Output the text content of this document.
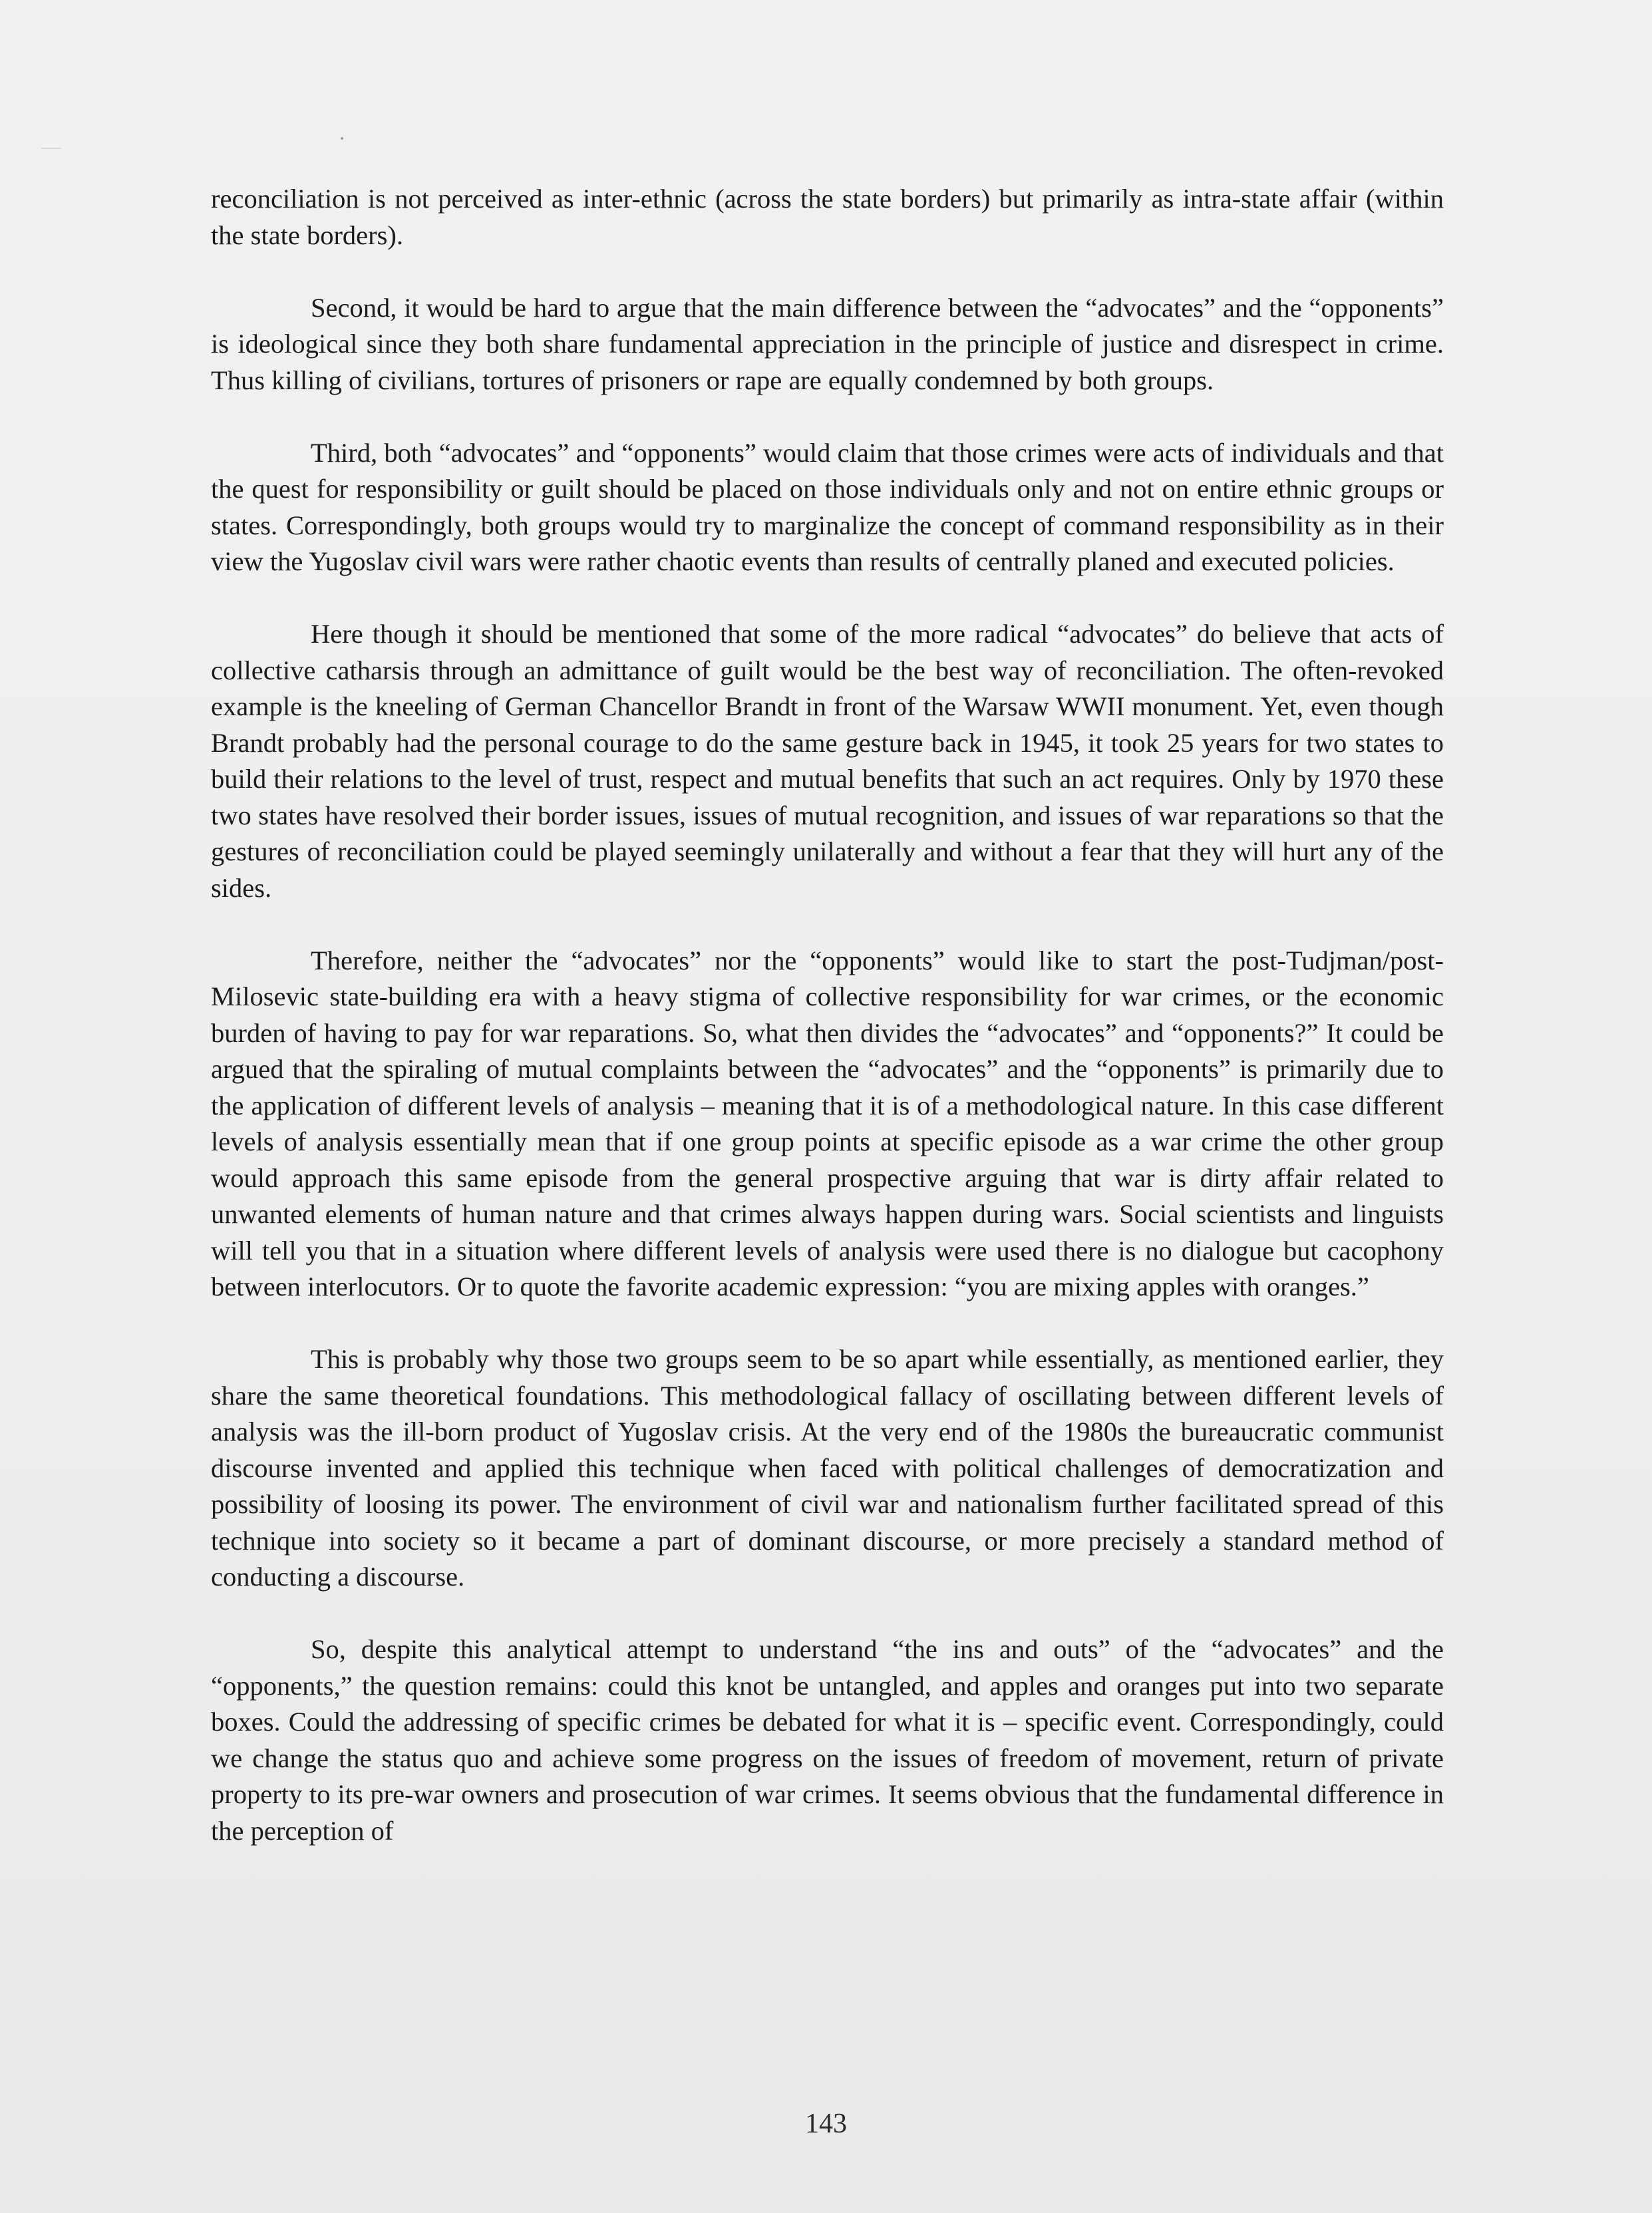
reconciliation is not perceived as inter-ethnic (across the state borders) but primarily as intra-state affair (within the state borders).

Second, it would be hard to argue that the main difference between the “advocates” and the “opponents” is ideological since they both share fundamental appreciation in the principle of justice and disrespect in crime. Thus killing of civilians, tortures of prisoners or rape are equally condemned by both groups.

Third, both “advocates” and “opponents” would claim that those crimes were acts of individuals and that the quest for responsibility or guilt should be placed on those individuals only and not on entire ethnic groups or states. Correspondingly, both groups would try to marginalize the concept of command responsibility as in their view the Yugoslav civil wars were rather chaotic events than results of centrally planed and executed policies.

Here though it should be mentioned that some of the more radical “advocates” do believe that acts of collective catharsis through an admittance of guilt would be the best way of reconciliation. The often-revoked example is the kneeling of German Chancellor Brandt in front of the Warsaw WWII monument. Yet, even though Brandt probably had the personal courage to do the same gesture back in 1945, it took 25 years for two states to build their relations to the level of trust, respect and mutual benefits that such an act requires. Only by 1970 these two states have resolved their border issues, issues of mutual recognition, and issues of war reparations so that the gestures of reconciliation could be played seemingly unilaterally and without a fear that they will hurt any of the sides.

Therefore, neither the “advocates” nor the “opponents” would like to start the post-Tudjman/post-Milosevic state-building era with a heavy stigma of collective responsibility for war crimes, or the economic burden of having to pay for war reparations. So, what then divides the “advocates” and “opponents?” It could be argued that the spiraling of mutual complaints between the “advocates” and the “opponents” is primarily due to the application of different levels of analysis – meaning that it is of a methodological nature. In this case different levels of analysis essentially mean that if one group points at specific episode as a war crime the other group would approach this same episode from the general prospective arguing that war is dirty affair related to unwanted elements of human nature and that crimes always happen during wars. Social scientists and linguists will tell you that in a situation where different levels of analysis were used there is no dialogue but cacophony between interlocutors. Or to quote the favorite academic expression: “you are mixing apples with oranges.”

This is probably why those two groups seem to be so apart while essentially, as mentioned earlier, they share the same theoretical foundations. This methodological fallacy of oscillating between different levels of analysis was the ill-born product of Yugoslav crisis. At the very end of the 1980s the bureaucratic communist discourse invented and applied this technique when faced with political challenges of democratization and possibility of loosing its power. The environment of civil war and nationalism further facilitated spread of this technique into society so it became a part of dominant discourse, or more precisely a standard method of conducting a discourse.

So, despite this analytical attempt to understand “the ins and outs” of the “advocates” and the “opponents,” the question remains: could this knot be untangled, and apples and oranges put into two separate boxes. Could the addressing of specific crimes be debated for what it is – specific event. Correspondingly, could we change the status quo and achieve some progress on the issues of freedom of movement, return of private property to its pre-war owners and prosecution of war crimes. It seems obvious that the fundamental difference in the perception of

143
